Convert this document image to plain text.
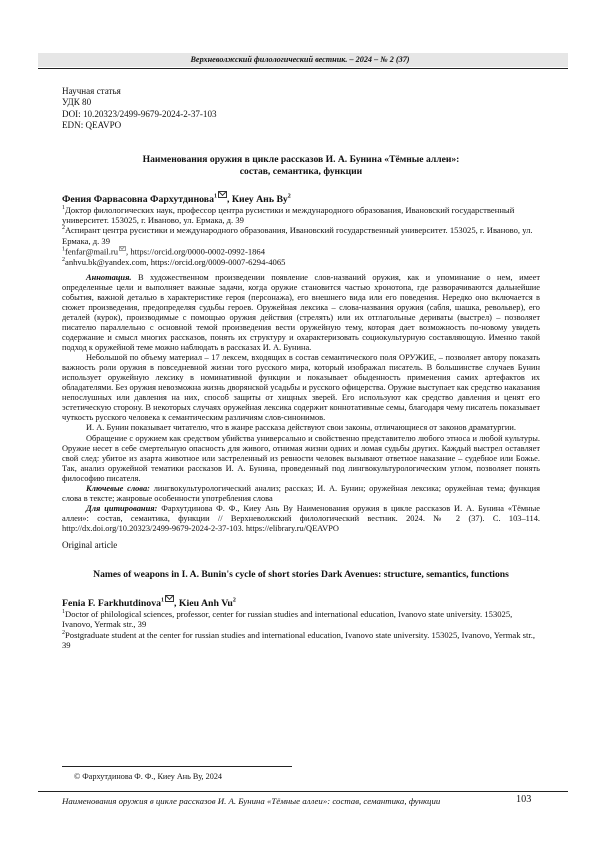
Верхневолжский филологический вестник. – 2024 – № 2 (37)
Научная статья
УДК 80
DOI: 10.20323/2499-9679-2024-2-37-103
EDN: QEAVPO
Наименования оружия в цикле рассказов И. А. Бунина «Тёмные аллеи»:
состав, семантика, функции
Фения Фарвасовна Фархутдинова$^1$ , Киеу Ань $Ву^2$
$^1$Доктор филологических наук, профессор центра русистики и международного образования, Ивановский государственный университет. 153025, г. Иваново, ул. Ермака, д. 39
$^2$Аспирант центра русистики и международного образования, Ивановский государственный университет. 153025, г. Иваново, ул. Ермака, д. 39
$^1$fenfar@mail.ru , https://orcid.org/0000-0002-0992-1864
$^2$anhvu.bk@yandex.com, https://orcid.org/0009-0007-6294-4065
Аннотация. В художественном произведении появление слов-названий оружия, как и упоминание о нем, имеет определенные цели и выполняет важные задачи, когда оружие становится частью хронотопа, где разворачиваются дальнейшие события, важной деталью в характеристике героя (персонажа), его внешнего вида или его поведения. Нередко оно включается в сюжет произведения, предопределяя судьбы героев. Оружейная лексика – слова-названия оружия (сабля, шашка, револьвер), его деталей (курок), производимые с помощью оружия действия (стрелять) или их отглагольные дериваты (выстрел) – позволяет писателю параллельно с основной темой произведения вести оружейную тему, которая дает возможность по-новому увидеть содержание и смысл многих рассказов, понять их структуру и охарактеризовать социокультурную составляющую. Именно такой подход к оружейной теме можно наблюдать в рассказах И. А. Бунина.

Небольшой по объему материал – 17 лексем, входящих в состав семантического поля ОРУЖИЕ, – позволяет автору показать важность роли оружия в повседневной жизни того русского мира, который изображал писатель. В большинстве случаев Бунин использует оружейную лексику в номинативной функции и показывает обыденность применения самих артефактов их обладателями. Без оружия невозможна жизнь дворянской усадьбы и русского офицерства. Оружие выступает как средство наказания непослушных или давления на них, способ защиты от хищных зверей. Его используют как средство давления и ценят его эстетическую сторону. В некоторых случаях оружейная лексика содержит коннотативные семы, благодаря чему писатель показывает чуткость русского человека к семантическим различиям слов-синонимов.

И. А. Бунин показывает читателю, что в жанре рассказа действуют свои законы, отличающиеся от законов драматургии.

Обращение с оружием как средством убийства универсально и свойственно представителю любого этноса и любой культуры. Оружие несет в себе смертельную опасность для живого, отнимая жизни одних и ломая судьбы других. Каждый выстрел оставляет свой след: убитое из азарта животное или застреленный из ревности человек вызывают ответное наказание – судебное или Божье. Так, анализ оружейной тематики рассказов И. А. Бунина, проведенный под лингвокультурологическим углом, позволяет понять философию писателя.

Ключевые слова: лингвокультурологический анализ; рассказ; И. А. Бунин; оружейная лексика; оружейная тема; функция слова в тексте; жанровые особенности употребления слова
Для цитирования: Фархутдинова Ф. Ф., Киеу Ань Ву Наименования оружия в цикле рассказов И. А. Бунина «Тёмные аллеи»: состав, семантика, функции // Верхневолжский филологический вестник. 2024. № 2 (37). С. 103–114. http://dx.doi.org/10.20323/2499-9679-2024-2-37-103. https://elibrary.ru/QEAVPO
Original article
Names of weapons in I. A. Bunin's cycle of short stories Dark Avenues: structure, semantics, functions
Fenia F. Farkhutdinova$^1$ , Kieu Anh Vu$^2$
$^1$Doctor of philological sciences, professor, center for russian studies and international education, Ivanovo state university. 153025, Ivanovo, Yermak str., 39
$^2$Postgraduate student at the center for russian studies and international education, Ivanovo state university. 153025, Ivanovo, Yermak str., 39
© Фархутдинова Ф. Ф., Киеу Ань Ву, 2024
Наименования оружия в цикле рассказов И. А. Бунина «Тёмные аллеи»: состав, семантика, функции	103
